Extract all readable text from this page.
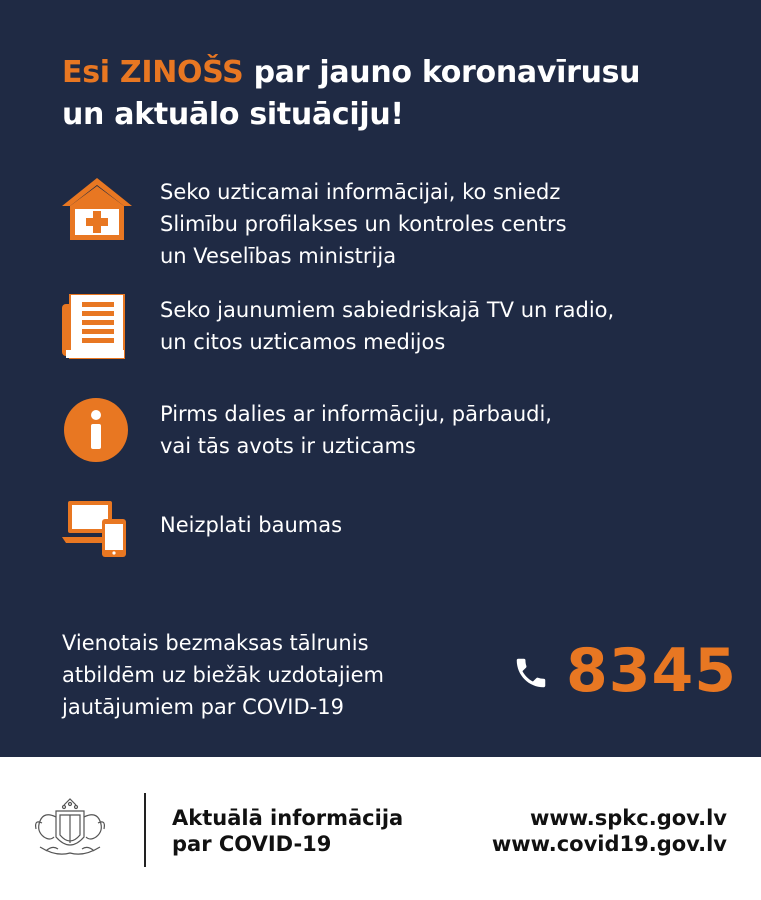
Esi ZINOŠS par jauno koronavīrusu
un aktuālo situāciju!
Seko uzticamai informācijai, ko sniedz
Slimību profilakses un kontroles centrs
un Veselības ministrija
Seko jaunumiem sabiedriskajā TV un radio,
un citos uzticamos medijos
Pirms dalies ar informāciju, pārbaudi,
vai tās avots ir uzticams
Neizplati baumas
Vienotais bezmaksas tālrunis
atbildēm uz biežāk uzdotajiem
jautājumiem par COVID-19
8345
Aktuālā informācija
par COVID-19
www.spkc.gov.lv
www.covid19.gov.lv
